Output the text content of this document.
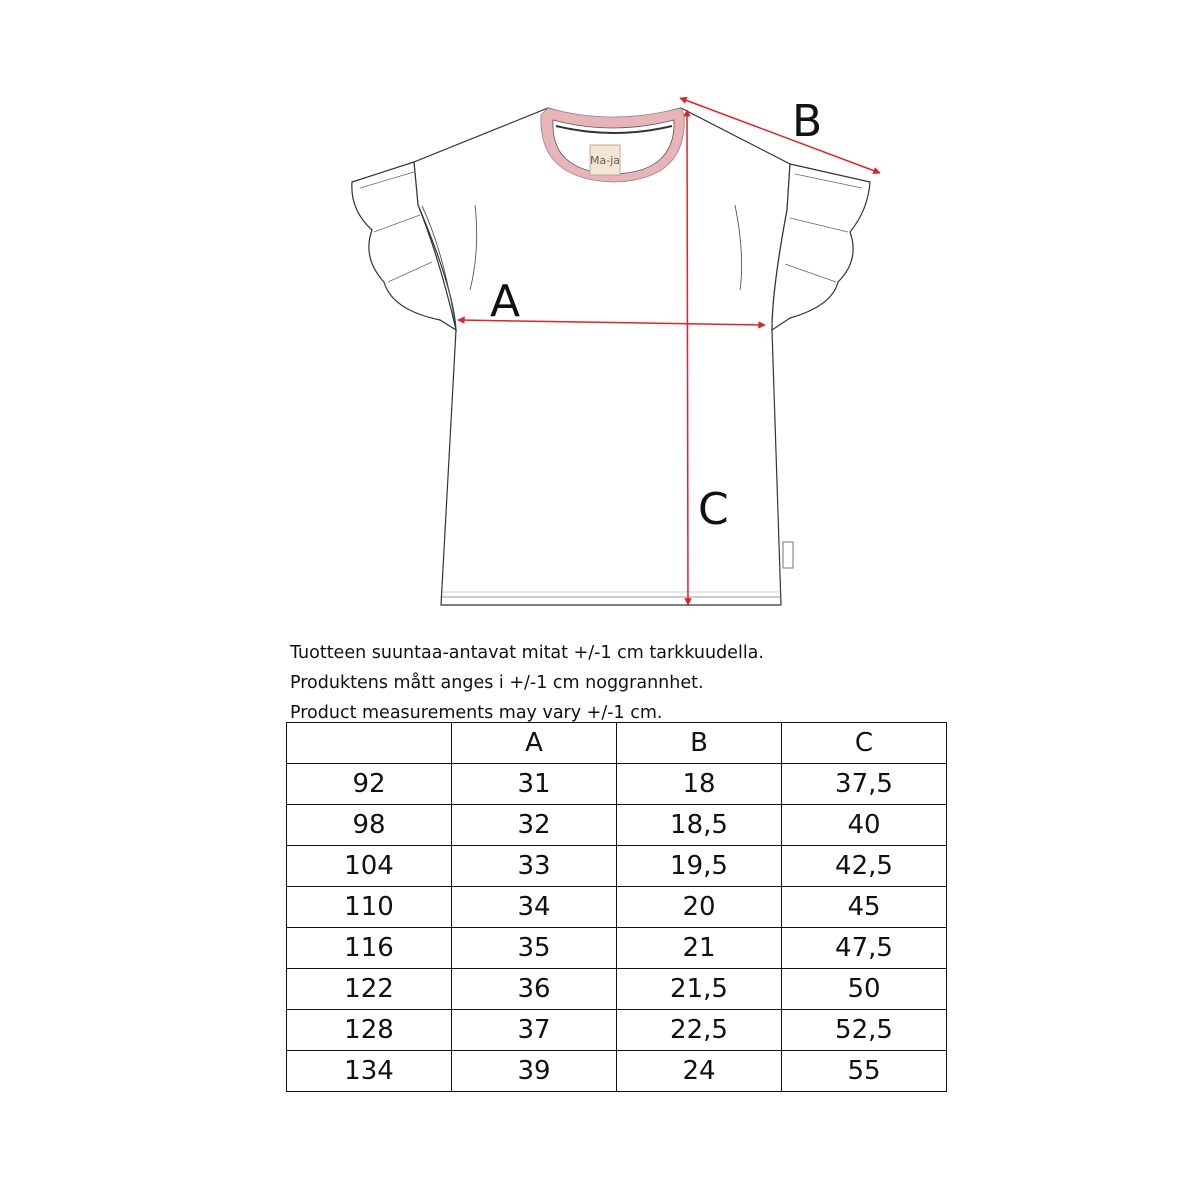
Ma-ja
A
B
C
Tuotteen suuntaa-antavat mitat +/-1 cm tarkkuudella.
Produktens mått anges i +/-1 cm noggrannhet.
Product measurements may vary +/-1 cm.
	A	B	C
92	31	18	37,5
98	32	18,5	40
104	33	19,5	42,5
110	34	20	45
116	35	21	47,5
122	36	21,5	50
128	37	22,5	52,5
134	39	24	55
